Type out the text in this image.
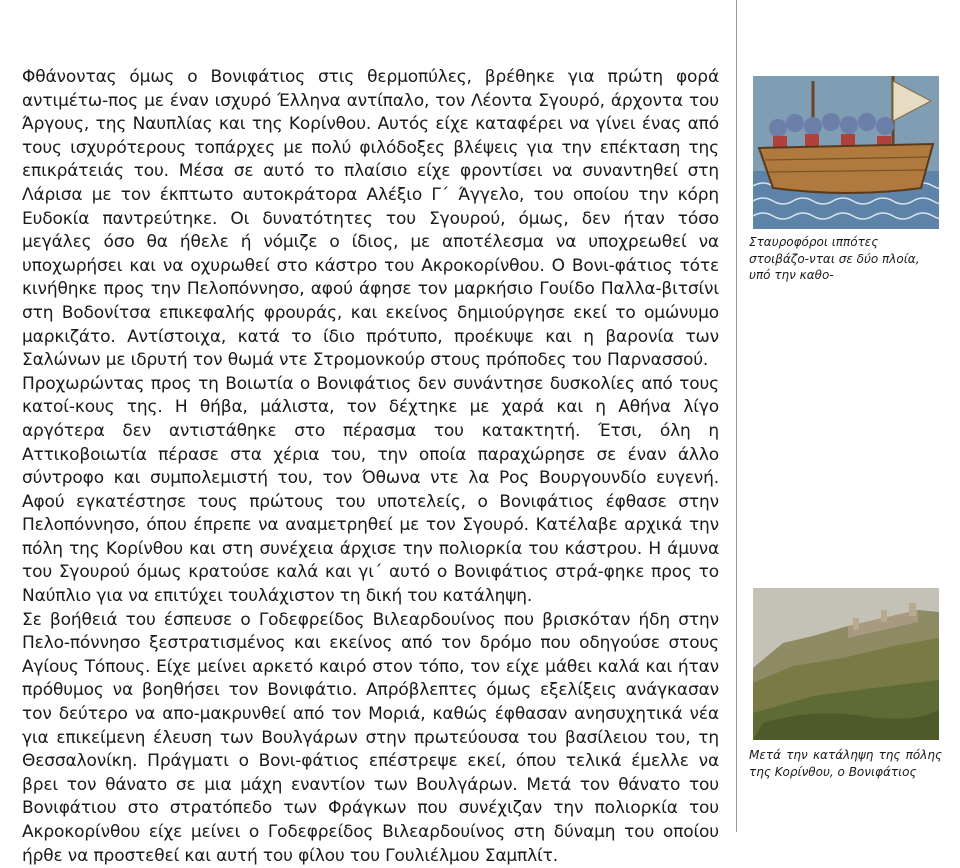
Φθάνοντας όμως ο Βονιφάτιος στις θερμοπύλες, βρέθηκε για πρώτη φορά αντιμέτω-πος με έναν ισχυρό Έλληνα αντίπαλο, τον Λέοντα Σγουρό, άρχοντα του Άργους, της Ναυπλίας και της Κορίνθου. Αυτός είχε καταφέρει να γίνει ένας από τους ισχυρότερους τοπάρχες με πολύ φιλόδοξες βλέψεις για την επέκταση της επικράτειάς του. Μέσα σε αυτό το πλαίσιο είχε φροντίσει να συναντηθεί στη Λάρισα με τον έκπτωτο αυτοκράτορα Αλέξιο Γ΄ Άγγελο, του οποίου την κόρη Ευδοκία παντρεύτηκε. Οι δυνατότητες του Σγουρού, όμως, δεν ήταν τόσο μεγάλες όσο θα ήθελε ή νόμιζε ο ίδιος, με αποτέλεσμα να υποχρεωθεί να υποχωρήσει και να οχυρωθεί στο κάστρο του Ακροκορίνθου. Ο Βονι-φάτιος τότε κινήθηκε προς την Πελοπόννησο, αφού άφησε τον μαρκήσιο Γουίδο Παλλα-βιτσίνι στη Βοδονίτσα επικεφαλής φρουράς, και εκείνος δημιούργησε εκεί το ομώνυμο μαρκιζάτο. Αντίστοιχα, κατά το ίδιο πρότυπο, προέκυψε και η βαρονία των Σαλώνων με ιδρυτή τον θωμά ντε Στρομονκούρ στους πρόποδες του Παρνασσού.

Προχωρώντας προς τη Βοιωτία ο Βονιφάτιος δεν συνάντησε δυσκολίες από τους κατοί-κους της. Η θήβα, μάλιστα, τον δέχτηκε με χαρά και η Αθήνα λίγο αργότερα δεν αντιστάθηκε στο πέρασμα του κατακτητή. Έτσι, όλη η Αττικοβοιωτία πέρασε στα χέρια του, την οποία παραχώρησε σε έναν άλλο σύντροφο και συμπολεμιστή του, τον Όθωνα ντε λα Ρος Βουργουνδίο ευγενή. Αφού εγκατέστησε τους πρώτους του υποτελείς, ο Βονιφάτιος έφθασε στην Πελοπόννησο, όπου έπρεπε να αναμετρηθεί με τον Σγουρό. Κατέλαβε αρχικά την πόλη της Κορίνθου και στη συνέχεια άρχισε την πολιορκία του κάστρου. Η άμυνα του Σγουρού όμως κρατούσε καλά και γι΄ αυτό ο Βονιφάτιος στρά-φηκε προς το Ναύπλιο για να επιτύχει τουλάχιστον τη δική του κατάληψη.

Σε βοήθειά του έσπευσε ο Γοδεφρείδος Βιλεαρδουίνος που βρισκόταν ήδη στην Πελο-πόννησο ξεστρατισμένος και εκείνος από τον δρόμο που οδηγούσε στους Αγίους Τόπους. Είχε μείνει αρκετό καιρό στον τόπο, τον είχε μάθει καλά και ήταν πρόθυμος να βοηθήσει τον Βονιφάτιο. Απρόβλεπτες όμως εξελίξεις ανάγκασαν τον δεύτερο να απο-μακρυνθεί από τον Μοριά, καθώς έφθασαν ανησυχητικά νέα για επικείμενη έλευση των Βουλγάρων στην πρωτεύουσα του βασίλειου του, τη Θεσσαλονίκη. Πράγματι ο Βονι-φάτιος επέστρεψε εκεί, όπου τελικά έμελλε να βρει τον θάνατο σε μια μάχη εναντίον των Βουλγάρων. Μετά τον θάνατο του Βονιφάτιου στο στρατόπεδο των Φράγκων που συνέχιζαν την πολιορκία του Ακροκορίνθου είχε μείνει ο Γοδεφρείδος Βιλεαρδουίνος στη δύναμη του οποίου ήρθε να προστεθεί και αυτή του φίλου του Γουλιέλμου Σαμπλίτ.

Σταυροφόροι ιππότες στοιβάζο-νται σε δύο πλοία, υπό την καθο-
Μετά την κατάληψη της πόλης της Κορίνθου, ο Βονιφάτιος
